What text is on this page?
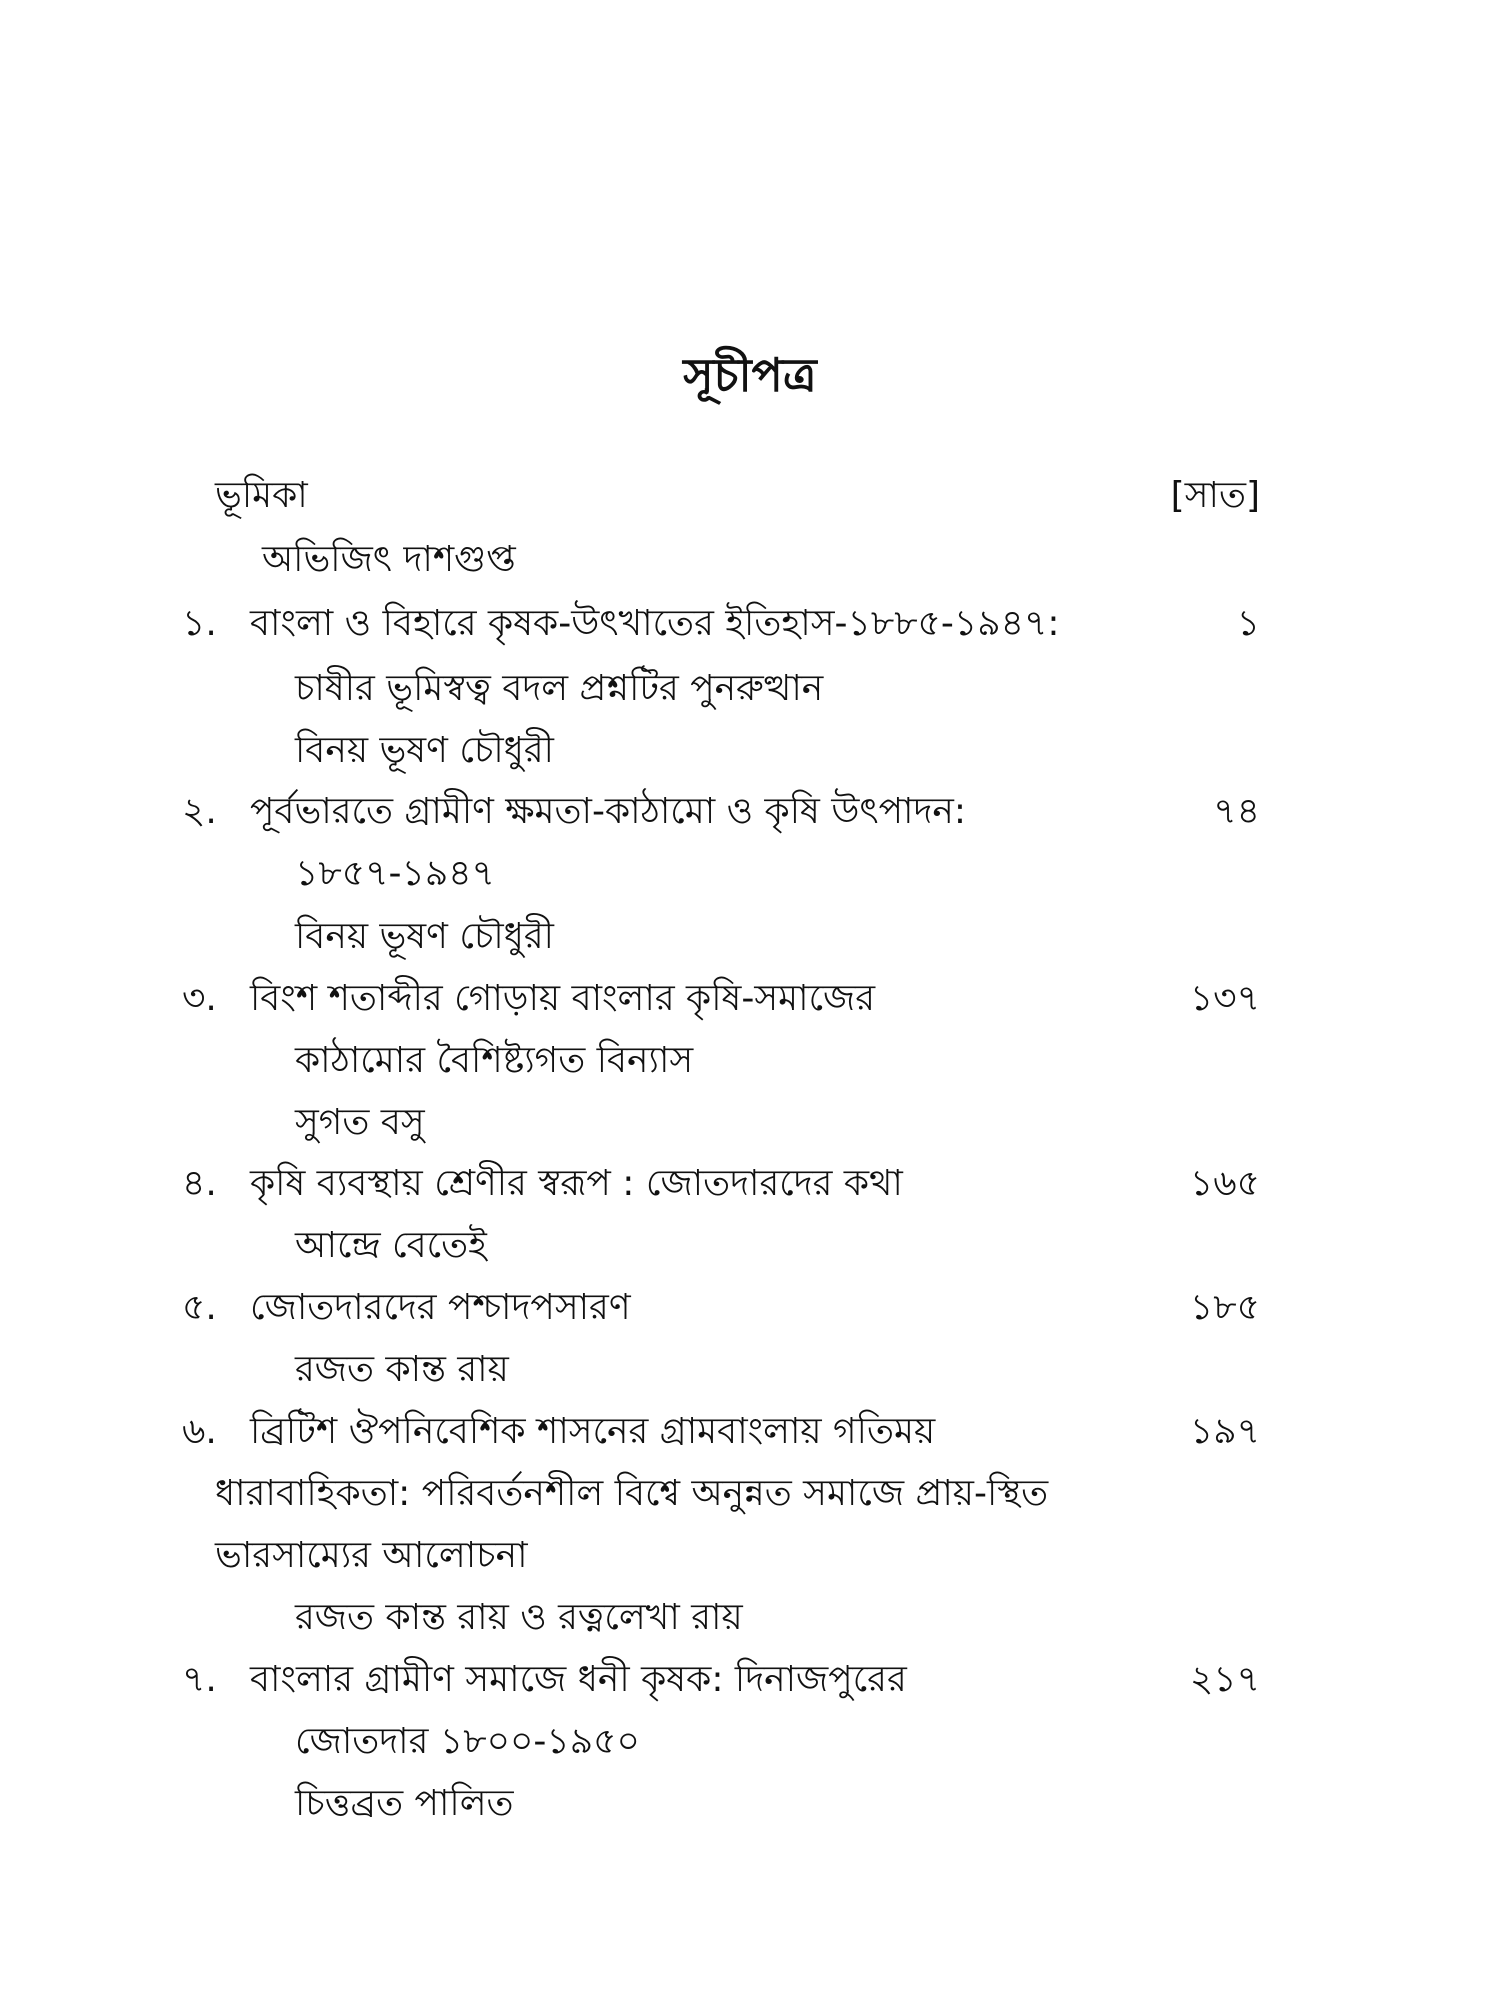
সূচীপত্র
ভূমিকা	[সাত]
অভিজিৎ দাশগুপ্ত
১. বাংলা ও বিহারে কৃষক-উৎখাতের ইতিহাস-১৮৮৫-১৯৪৭:	১
চাষীর ভূমিস্বত্ব বদল প্রশ্নটির পুনরুত্থান
বিনয় ভূষণ চৌধুরী
২. পূর্বভারতে গ্রামীণ ক্ষমতা-কাঠামো ও কৃষি উৎপাদন:	৭৪
১৮৫৭-১৯৪৭
বিনয় ভূষণ চৌধুরী
৩. বিংশ শতাব্দীর গোড়ায় বাংলার কৃষি-সমাজের	১৩৭
কাঠামোর বৈশিষ্ট্যগত বিন্যাস
সুগত বসু
৪. কৃষি ব্যবস্থায় শ্রেণীর স্বরূপ : জোতদারদের কথা	১৬৫
আন্দ্রে বেতেই
৫. জোতদারদের পশ্চাদপসারণ	১৮৫
রজত কান্ত রায়
৬. ব্রিটিশ ঔপনিবেশিক শাসনের গ্রামবাংলায় গতিময়	১৯৭
ধারাবাহিকতা: পরিবর্তনশীল বিশ্বে অনুন্নত সমাজে প্রায়-স্থিত
ভারসাম্যের আলোচনা
রজত কান্ত রায় ও রত্নলেখা রায়
৭. বাংলার গ্রামীণ সমাজে ধনী কৃষক: দিনাজপুরের	২১৭
জোতদার ১৮০০-১৯৫০
চিত্তব্রত পালিত
